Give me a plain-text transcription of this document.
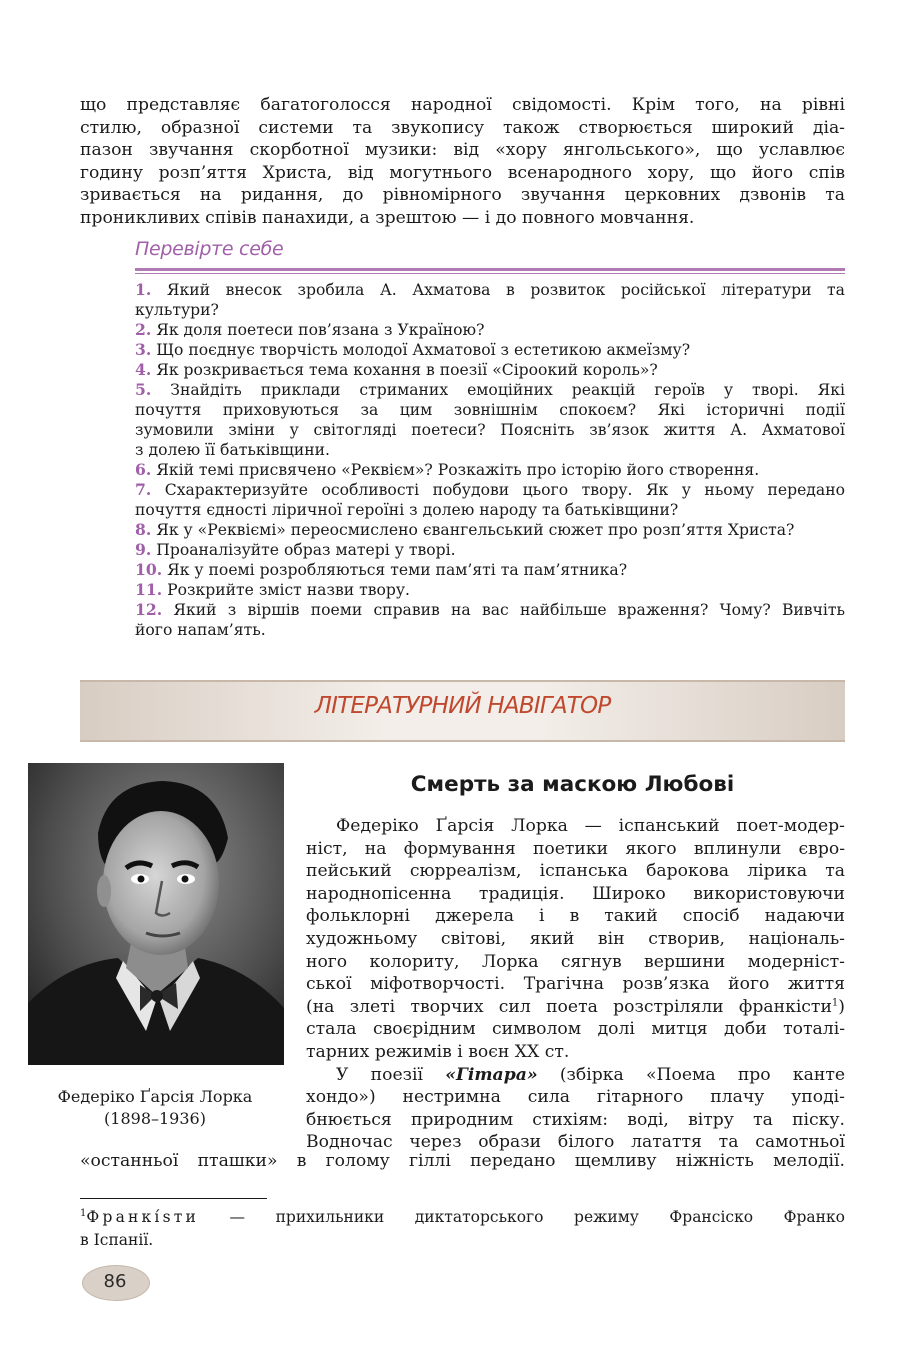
що представляє багатоголосся народної свідомості. Крім того, на рівні
стилю, образної системи та звукопису також створюється широкий діа-
пазон звучання скорботної музики: від «хору янгольського», що уславлює
годину розп’яття Христа, від могутнього всенародного хору, що його спів
зривається на ридання, до рівномірного звучання церковних дзвонів та
проникливих співів панахиди, а зрештою — і до повного мовчання.
Перевірте себе
1. Який внесок зробила А. Ахматова в розвиток російської літератури та
культури?
2. Як доля поетеси пов’язана з Україною?
3. Що поєднує творчість молодої Ахматової з естетикою акмеїзму?
4. Як розкривається тема кохання в поезії «Сіроокий король»?
5. Знайдіть приклади стриманих емоційних реакцій героїв у творі. Які
почуття приховуються за цим зовнішнім спокоєм? Які історичні події
зумовили зміни у світогляді поетеси? Поясніть зв’язок життя А. Ахматової
з долею її батьківщини.
6. Якій темі присвячено «Реквієм»? Розкажіть про історію його створення.
7. Схарактеризуйте особливості побудови цього твору. Як у ньому передано
почуття єдності ліричної героїні з долею народу та батьківщини?
8. Як у «Реквіємі» переосмислено євангельський сюжет про розп’яття Христа?
9. Проаналізуйте образ матері у творі.
10. Як у поемі розробляються теми пам’яті та пам’ятника?
11. Розкрийте зміст назви твору.
12. Який з віршів поеми справив на вас найбільше враження? Чому? Вивчіть
його напам’ять.
ЛІТЕРАТУРНИЙ НАВІГАТОР
Федеріко Ґарсія Лорка
(1898–1936)
Смерть за маскою Любові
Федеріко Ґарсія Лорка — іспанський поет-модер-
ніст, на формування поетики якого вплинули євро-
пейський сюрреалізм, іспанська барокова лірика та
народнопісенна традиція. Широко використовуючи
фольклорні джерела і в такий спосіб надаючи
художньому світові, який він створив, національ-
ного колориту, Лорка сягнув вершини модерніст-
ської міфотворчості. Трагічна розв’язка його життя
(на злеті творчих сил поета розстріляли франкісти$^1$)
стала своєрідним символом долі митця доби тоталі-
тарних режимів і воєн XX ст.
У поезії «Гітара» (збірка «Поема про канте
хондо») нестримна сила гітарного плачу уподі-
бнюється природним стихіям: воді, вітру та піску.
Водночас через образи білого латаття та самотньої
«останньої пташки» в голому гіллі передано щемливу ніжність мелодії.
$^1$Франкísти — прихильники диктаторського режиму Франсіско Франко
в Іспанії.
86
